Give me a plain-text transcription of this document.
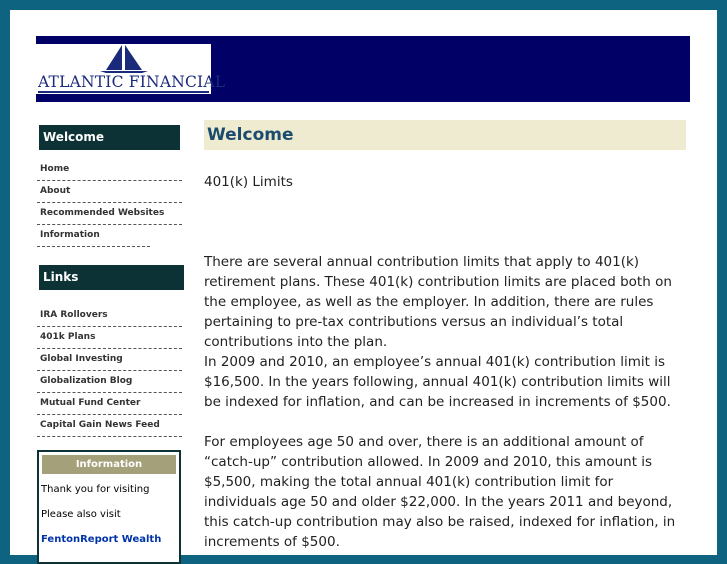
ATLANTIC FINANCIAL
Welcome
Home
About
Recommended Websites
Information
Links
IRA Rollovers
401k Plans
Global Investing
Globalization Blog
Mutual Fund Center
Capital Gain News Feed
Information
Thank you for visiting
Please also visit
FentonReport Wealth
Welcome
401(k) Limits
There are several annual contribution limits that apply to 401(k) retirement plans. These 401(k) contribution limits are placed both on the employee, as well as the employer. In addition, there are rules pertaining to pre-tax contributions versus an individual’s total contributions into the plan.
In 2009 and 2010, an employee’s annual 401(k) contribution limit is $16,500. In the years following, annual 401(k) contribution limits will be indexed for inflation, and can be increased in increments of $500.
For employees age 50 and over, there is an additional amount of “catch-up” contribution allowed. In 2009 and 2010, this amount is $5,500, making the total annual 401(k) contribution limit for individuals age 50 and older $22,000. In the years 2011 and beyond, this catch-up contribution may also be raised, indexed for inflation, in increments of $500.
